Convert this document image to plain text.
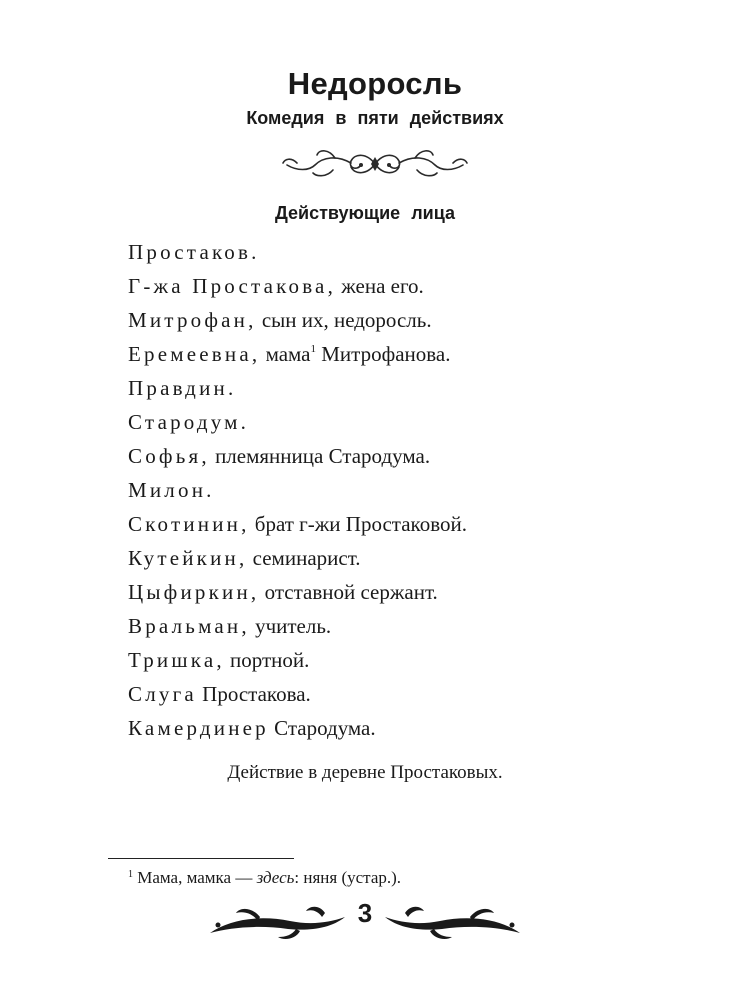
Недоросль
Комедия в пяти действиях
Действующие лица
Простаков.
Г-жа Простакова, жена его.
Митрофан, сын их, недоросль.
Еремеевна, мама$^1$ Митрофанова.
Правдин.
Стародум.
Софья, племянница Стародума.
Милон.
Скотинин, брат г-жи Простаковой.
Кутейкин, семинарист.
Цыфиркин, отставной сержант.
Вральман, учитель.
Тришка, портной.
Слуга Простакова.
Камердинер Стародума.
Действие в деревне Простаковых.
$^1$ Мама, мамка — здесь: няня (устар.).
3
